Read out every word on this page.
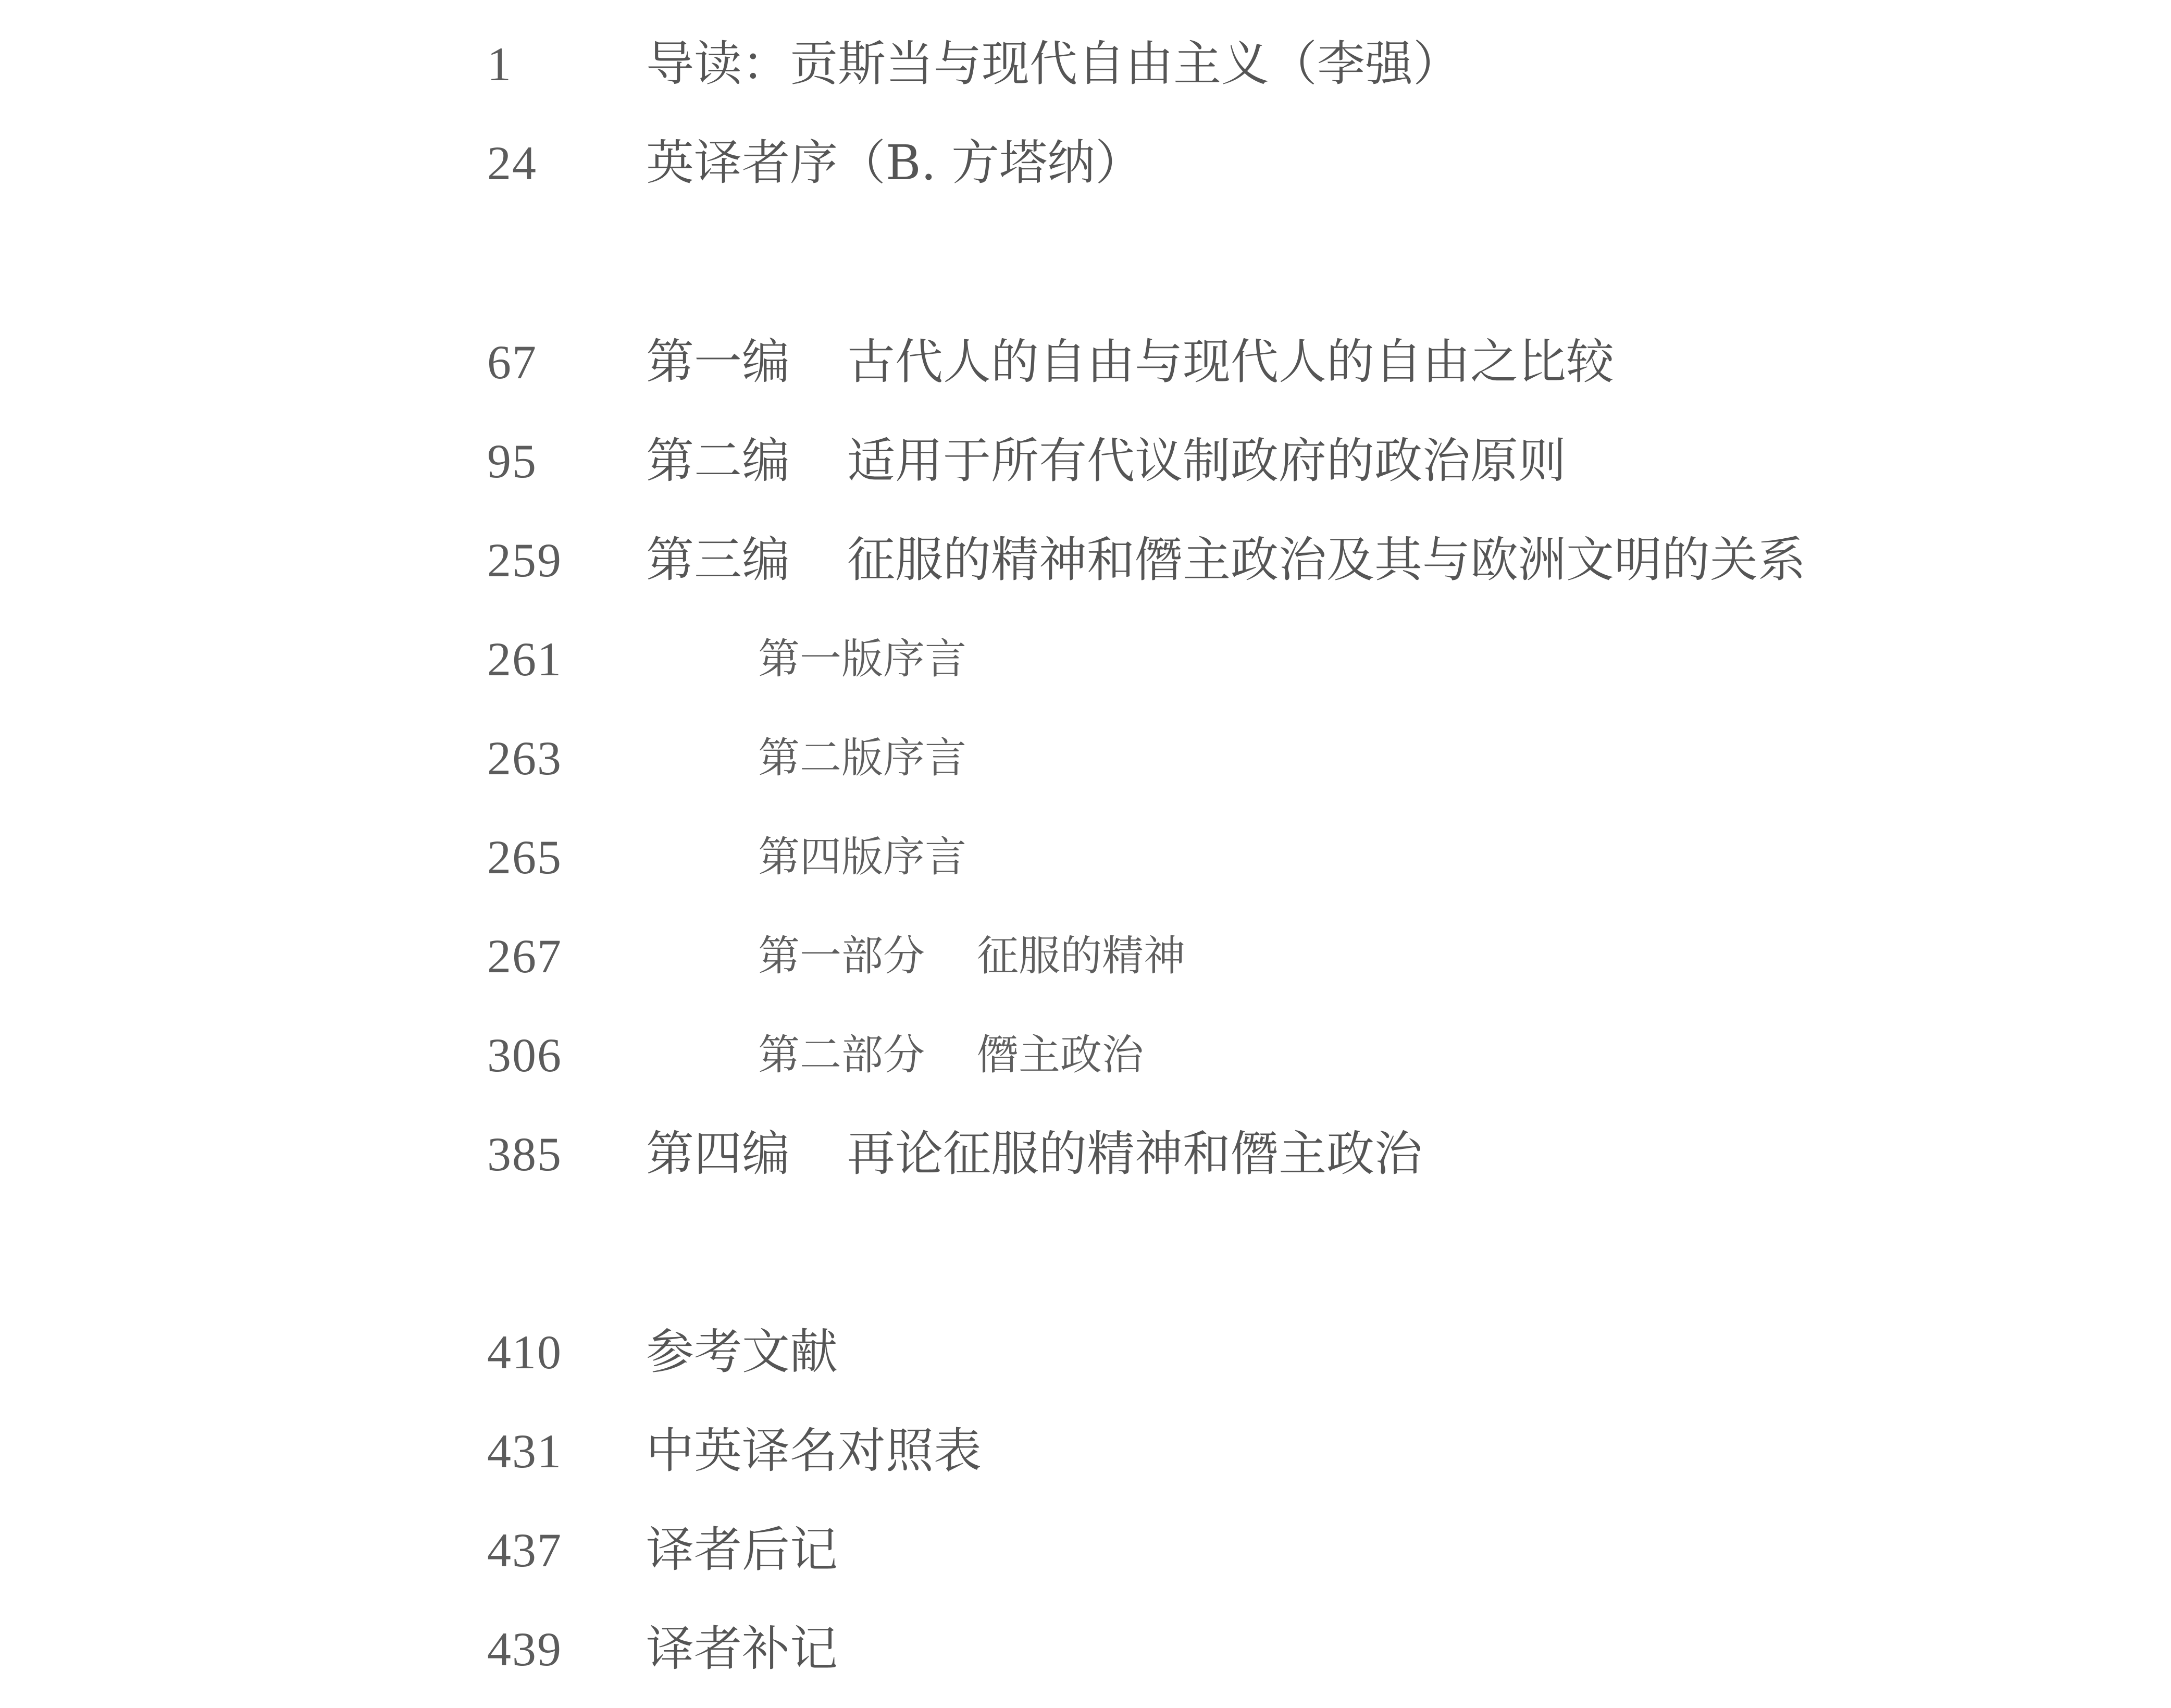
1	导读：贡斯当与现代自由主义（李强）
24 英译者序（B. 方塔纳）
67 第一编 古代人的自由与现代人的自由之比较
95 第二编 适用于所有代议制政府的政治原则
259 第三编 征服的精神和僭主政治及其与欧洲文明的关系
261	第一版序言
263	第二版序言
265	第四版序言
267	第一部分 征服的精神
306	第二部分 僭主政治
385 第四编 再论征服的精神和僭主政治
410 参考文献
431 中英译名对照表
437 译者后记
439 译者补记
